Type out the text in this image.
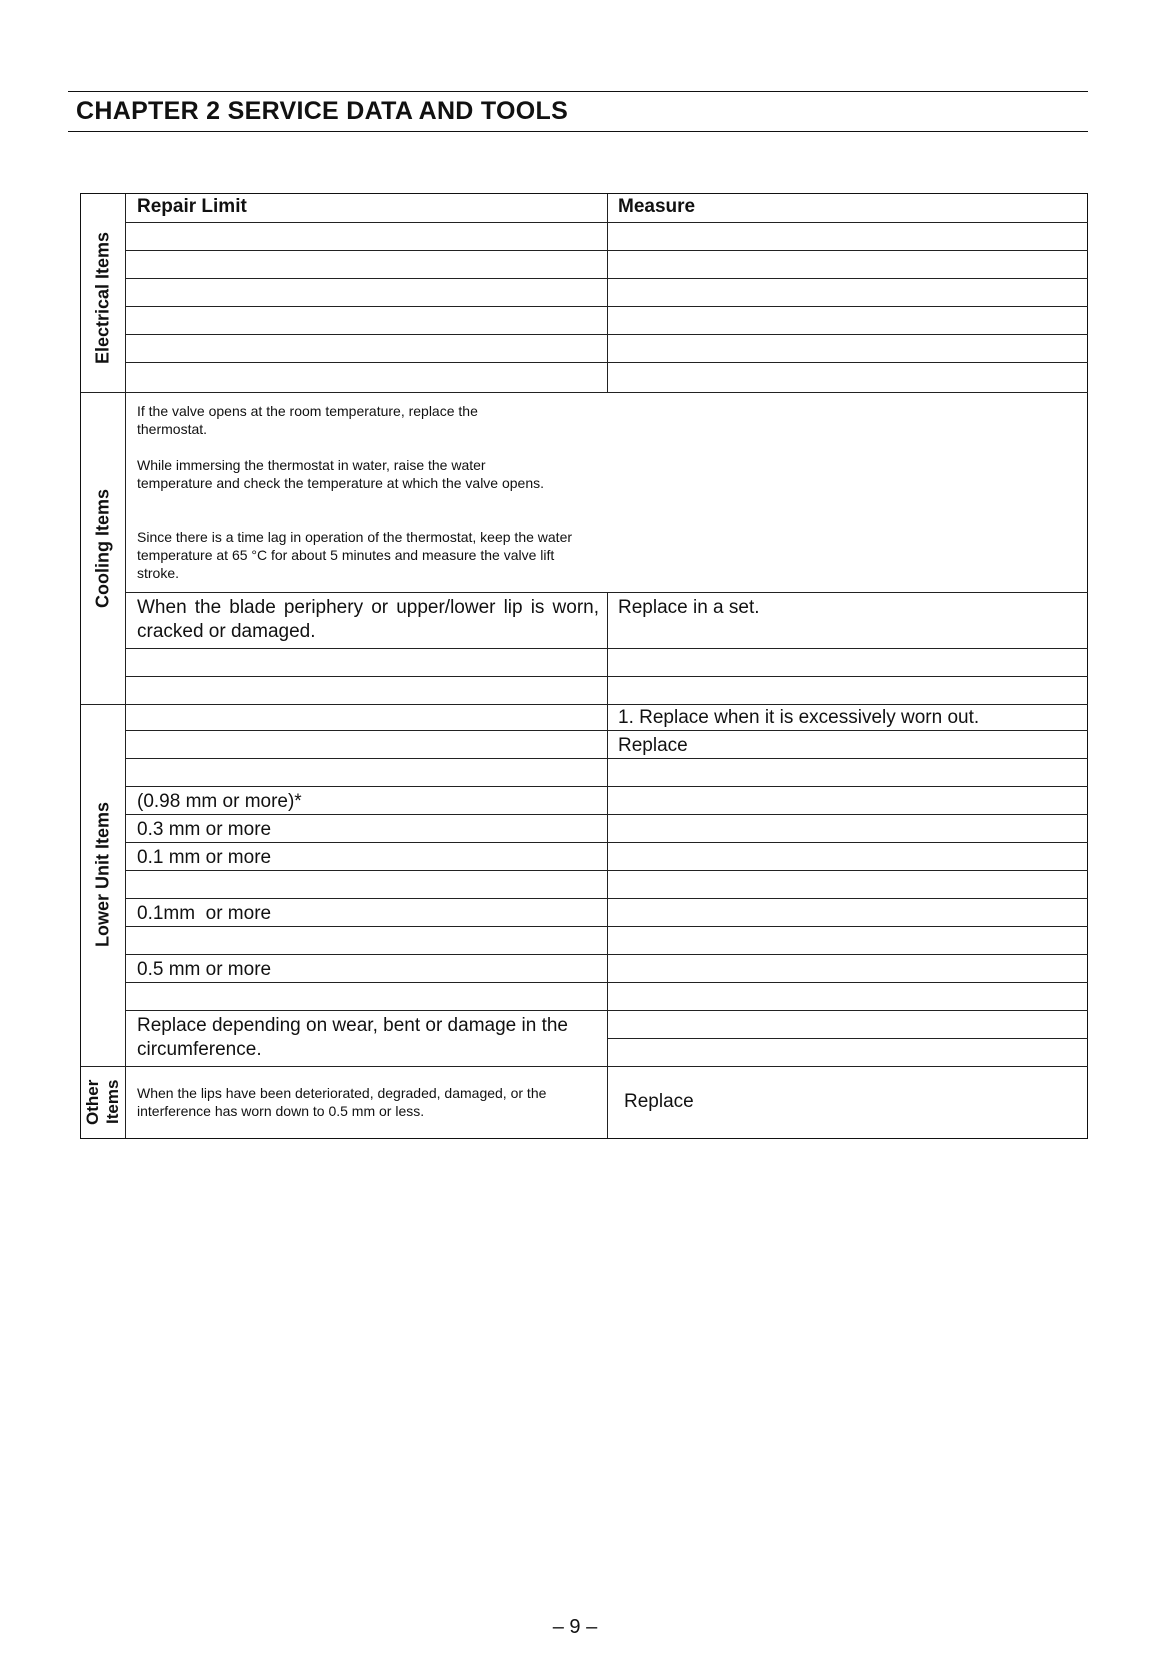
CHAPTER 2 SERVICE DATA AND TOOLS
Repair Limit	Measure
Electrical Items
If the valve opens at the room temperature, replace the thermostat.
While immersing the thermostat in water, raise the water temperature and check the temperature at which the valve opens.
Since there is a time lag in operation of the thermostat, keep the water temperature at 65 °C for about 5 minutes and measure the valve lift stroke.
When the blade periphery or upper/lower lip is worn, cracked or damaged.
Replace in a set.
Cooling Items
1. Replace when it is excessively worn out.
Replace
(0.98 mm or more)*
0.3 mm or more
0.1 mm or more
0.1mm  or more
0.5 mm or more
Replace depending on wear, bent or damage in the circumference.
Lower Unit Items
Other Items When the lips have been deteriorated, degraded, damaged, or the interference has worn down to 0.5 mm or less.	Replace
– 9 –
